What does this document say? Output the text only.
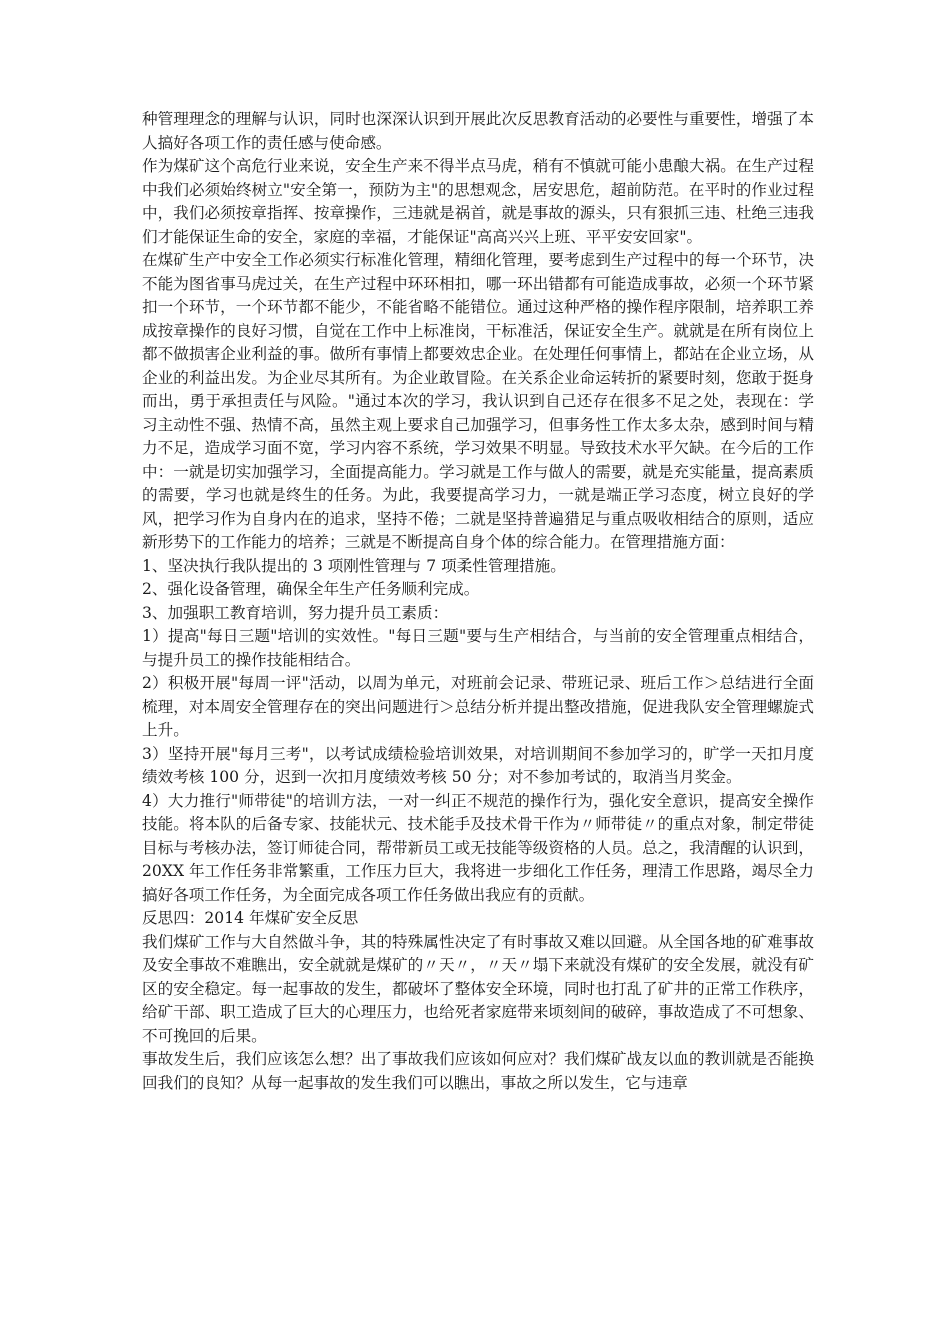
种管理理念的理解与认识，同时也深深认识到开展此次反思教育活动的必要性与重要性，增强了本人搞好各项工作的责任感与使命感。

作为煤矿这个高危行业来说，安全生产来不得半点马虎，稍有不慎就可能小患酿大祸。在生产过程中我们必须始终树立"安全第一，预防为主"的思想观念，居安思危，超前防范。在平时的作业过程中，我们必须按章指挥、按章操作，三违就是祸首，就是事故的源头，只有狠抓三违、杜绝三违我们才能保证生命的安全，家庭的幸福，才能保证"高高兴兴上班、平平安安回家"。

在煤矿生产中安全工作必须实行标准化管理，精细化管理，要考虑到生产过程中的每一个环节，决不能为图省事马虎过关，在生产过程中环环相扣，哪一环出错都有可能造成事故，必须一个环节紧扣一个环节，一个环节都不能少，不能省略不能错位。通过这种严格的操作程序限制，培养职工养成按章操作的良好习惯，自觉在工作中上标准岗，干标准活，保证安全生产。就就是在所有岗位上都不做损害企业利益的事。做所有事情上都要效忠企业。在处理任何事情上，都站在企业立场，从企业的利益出发。为企业尽其所有。为企业敢冒险。在关系企业命运转折的紧要时刻，您敢于挺身而出，勇于承担责任与风险。"通过本次的学习，我认识到自己还存在很多不足之处，表现在：学习主动性不强、热情不高，虽然主观上要求自己加强学习，但事务性工作太多太杂，感到时间与精力不足，造成学习面不宽，学习内容不系统，学习效果不明显。导致技术水平欠缺。在今后的工作中：一就是切实加强学习，全面提高能力。学习就是工作与做人的需要，就是充实能量，提高素质的需要，学习也就是终生的任务。为此，我要提高学习力，一就是端正学习态度，树立良好的学风，把学习作为自身内在的追求，坚持不倦；二就是坚持普遍猎足与重点吸收相结合的原则，适应新形势下的工作能力的培养；三就是不断提高自身个体的综合能力。在管理措施方面：

1、坚决执行我队提出的 3 项刚性管理与 7 项柔性管理措施。

2、强化设备管理，确保全年生产任务顺利完成。

3、加强职工教育培训，努力提升员工素质：

1）提高"每日三题"培训的实效性。"每日三题"要与生产相结合，与当前的安全管理重点相结合，与提升员工的操作技能相结合。

2）积极开展"每周一评"活动，以周为单元，对班前会记录、带班记录、班后工作＞总结进行全面梳理，对本周安全管理存在的突出问题进行＞总结分析并提出整改措施，促进我队安全管理螺旋式上升。

3）坚持开展"每月三考"，以考试成绩检验培训效果，对培训期间不参加学习的，旷学一天扣月度绩效考核 100 分，迟到一次扣月度绩效考核 50 分；对不参加考试的，取消当月奖金。

4）大力推行"师带徒"的培训方法，一对一纠正不规范的操作行为，强化安全意识，提高安全操作技能。将本队的后备专家、技能状元、技术能手及技术骨干作为〃师带徒〃的重点对象，制定带徒目标与考核办法，签订师徒合同，帮带新员工或无技能等级资格的人员。总之，我清醒的认识到，20XX 年工作任务非常繁重，工作压力巨大，我将进一步细化工作任务，理清工作思路，竭尽全力搞好各项工作任务，为全面完成各项工作任务做出我应有的贡献。

反思四：2014 年煤矿安全反思

我们煤矿工作与大自然做斗争，其的特殊属性决定了有时事故又难以回避。从全国各地的矿难事故及安全事故不难瞧出，安全就就是煤矿的〃天〃，〃天〃塌下来就没有煤矿的安全发展，就没有矿区的安全稳定。每一起事故的发生，都破坏了整体安全环境，同时也打乱了矿井的正常工作秩序，给矿干部、职工造成了巨大的心理压力，也给死者家庭带来顷刻间的破碎，事故造成了不可想象、不可挽回的后果。

事故发生后，我们应该怎么想？出了事故我们应该如何应对？我们煤矿战友以血的教训就是否能换回我们的良知？从每一起事故的发生我们可以瞧出，事故之所以发生，它与违章
